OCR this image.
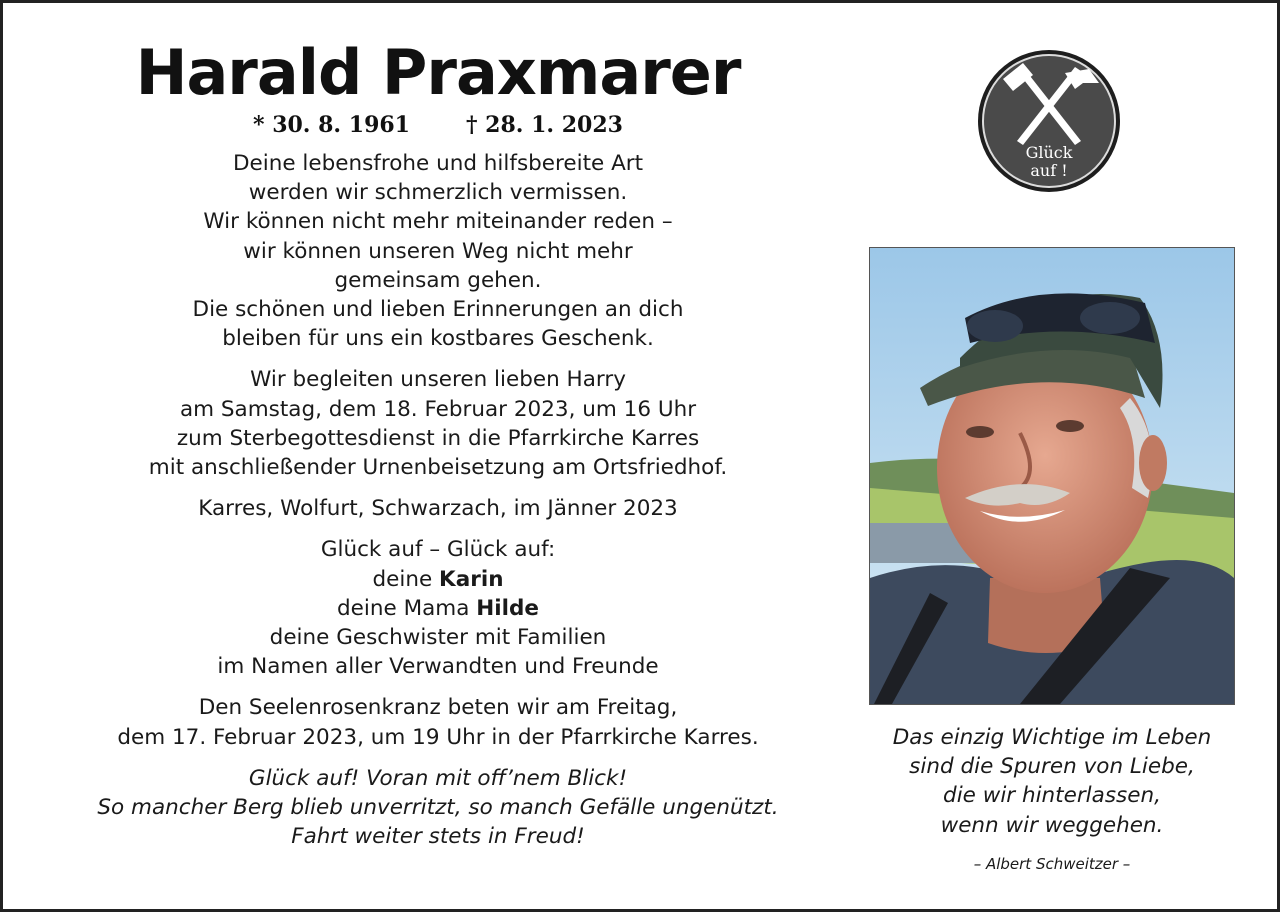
Harald Praxmarer
* 30. 8. 1961	† 28. 1. 2023
Deine lebensfrohe und hilfsbereite Art
werden wir schmerzlich vermissen.
Wir können nicht mehr miteinander reden –
wir können unseren Weg nicht mehr
gemeinsam gehen.
Die schönen und lieben Erinnerungen an dich
bleiben für uns ein kostbares Geschenk.
Wir begleiten unseren lieben Harry
am Samstag, dem 18. Februar 2023, um 16 Uhr
zum Sterbegottesdienst in die Pfarrkirche Karres
mit anschließender Urnenbeisetzung am Ortsfriedhof.
Karres, Wolfurt, Schwarzach, im Jänner 2023
Glück auf – Glück auf:
deine Karin
deine Mama Hilde
deine Geschwister mit Familien
im Namen aller Verwandten und Freunde
Den Seelenrosenkranz beten wir am Freitag,
dem 17. Februar 2023, um 19 Uhr in der Pfarrkirche Karres.
Glück auf! Voran mit off’nem Blick!
So mancher Berg blieb unverritzt, so manch Gefälle ungenützt.
Fahrt weiter stets in Freud!
Glück
auf !
Das einzig Wichtige im Leben
sind die Spuren von Liebe,
die wir hinterlassen,
wenn wir weggehen.
– Albert Schweitzer –
